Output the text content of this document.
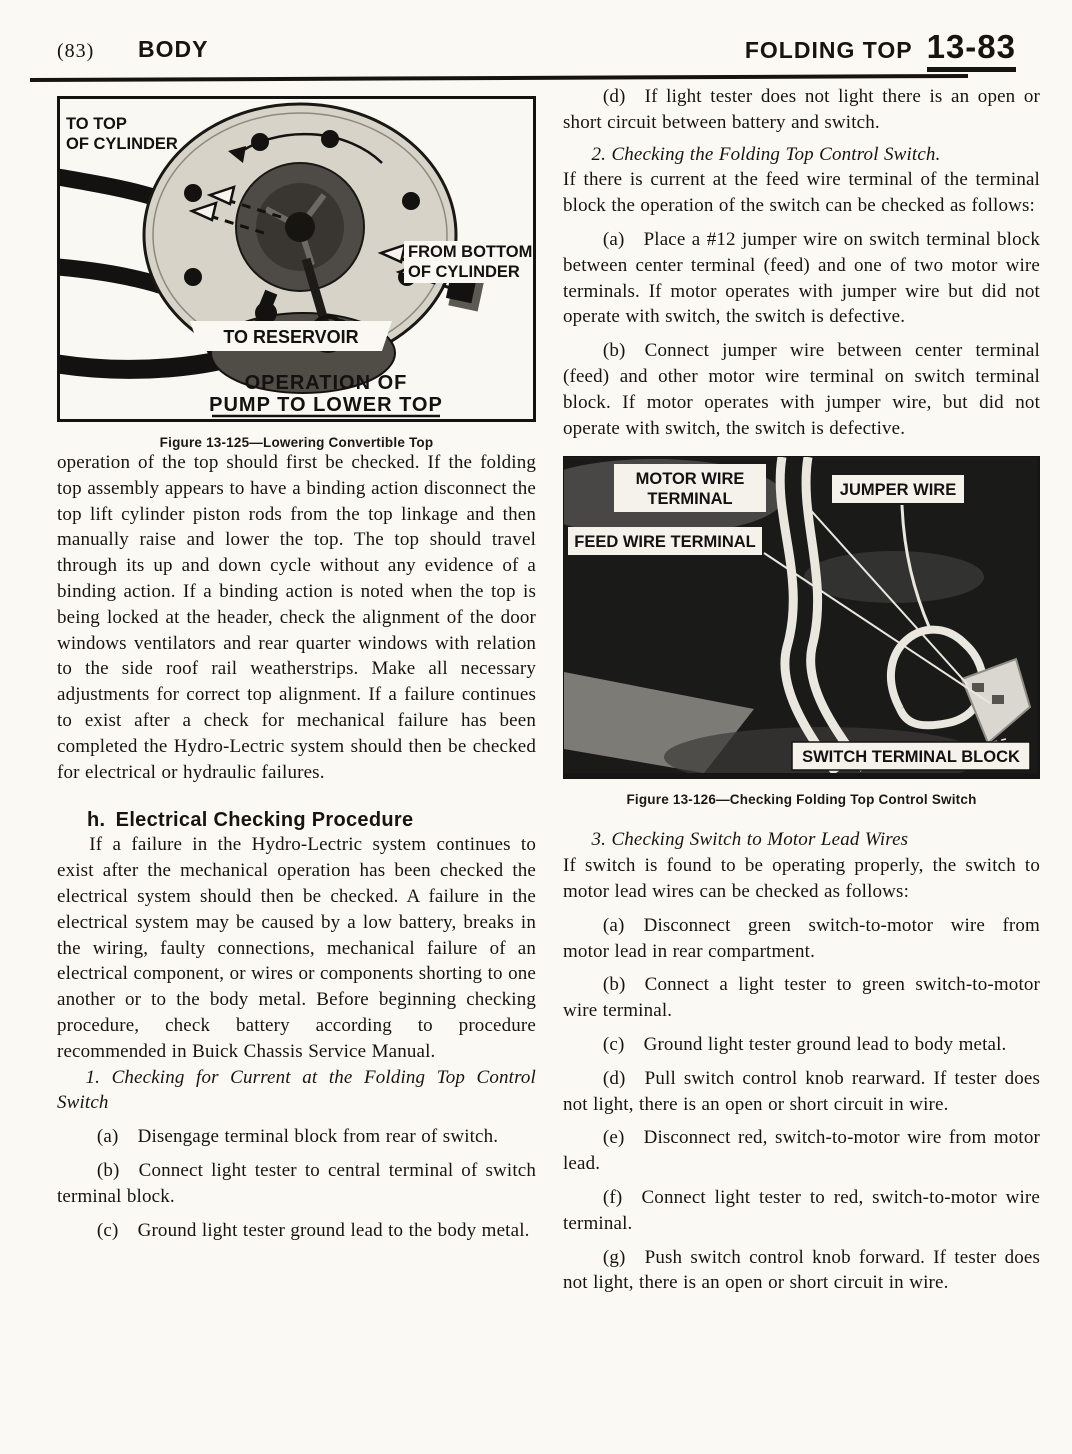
(83) BODY	FOLDING TOP 13-83
TO TOP
OF CYLINDER
FROM BOTTOM
OF CYLINDER
TO RESERVOIR
OPERATION OF
PUMP TO LOWER TOP
Figure 13-125—Lowering Convertible Top

operation of the top should first be checked. If the folding top assembly appears to have a binding action disconnect the top lift cylinder piston rods from the top linkage and then manually raise and lower the top. The top should travel through its up and down cycle without any evidence of a binding action. If a binding action is noted when the top is being locked at the header, check the alignment of the door windows ventilators and rear quarter windows with relation to the side roof rail weatherstrips. Make all necessary adjustments for correct top alignment. If a failure continues to exist after a check for mechanical failure has been completed the Hydro-Lectric system should then be checked for electrical or hydraulic failures.

h. Electrical Checking Procedure

If a failure in the Hydro-Lectric system continues to exist after the mechanical operation has been checked the electrical system should then be checked. A failure in the electrical system may be caused by a low battery, breaks in the wiring, faulty connections, mechanical failure of an electrical component, or wires or components shorting to one another or to the body metal. Before beginning checking procedure, check battery according to procedure recommended in Buick Chassis Service Manual.

1. Checking for Current at the Folding Top Control Switch

(a) Disengage terminal block from rear of switch.

(b) Connect light tester to central terminal of switch terminal block.

(c) Ground light tester ground lead to the body metal.

(d) If light tester does not light there is an open or short circuit between battery and switch.

2. Checking the Folding Top Control Switch.

If there is current at the feed wire terminal of the terminal block the operation of the switch can be checked as follows:

(a) Place a #12 jumper wire on switch terminal block between center terminal (feed) and one of two motor wire terminals. If motor operates with jumper wire but did not operate with switch, the switch is defective.

(b) Connect jumper wire between center terminal (feed) and other motor wire terminal on switch terminal block. If motor operates with jumper wire, but did not operate with switch, the switch is defective.

MOTOR WIRE
TERMINAL	JUMPER WIRE
FEED WIRE TERMINAL
SWITCH TERMINAL BLOCK
Figure 13-126—Checking Folding Top Control Switch

3. Checking Switch to Motor Lead Wires

If switch is found to be operating properly, the switch to motor lead wires can be checked as follows:

(a) Disconnect green switch-to-motor wire from motor lead in rear compartment.

(b) Connect a light tester to green switch-to-motor wire terminal.

(c) Ground light tester ground lead to body metal.

(d) Pull switch control knob rearward. If tester does not light, there is an open or short circuit in wire.

(e) Disconnect red, switch-to-motor wire from motor lead.

(f) Connect light tester to red, switch-to-motor wire terminal.

(g) Push switch control knob forward. If tester does not light, there is an open or short circuit in wire.
